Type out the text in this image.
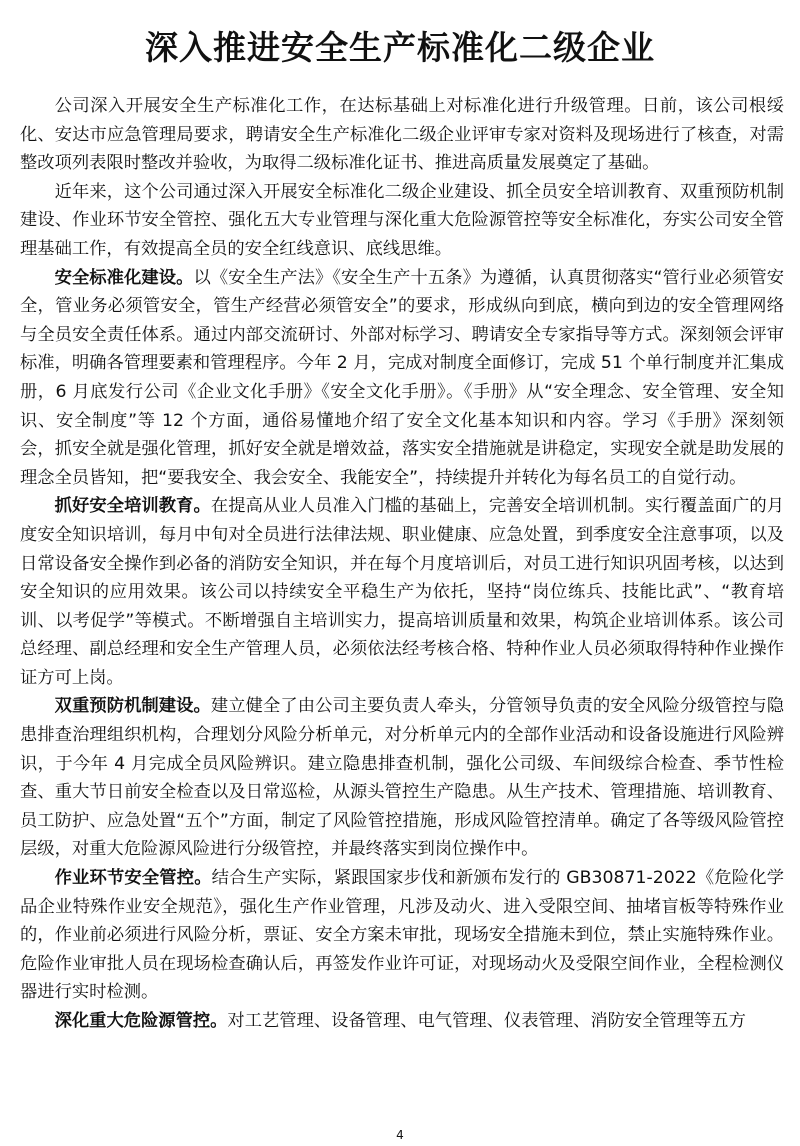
深入推进安全生产标准化二级企业

公司深入开展安全生产标准化工作，在达标基础上对标准化进行升级管理。日前，该公司根绥化、安达市应急管理局要求，聘请安全生产标准化二级企业评审专家对资料及现场进行了核查，对需整改项列表限时整改并验收，为取得二级标准化证书、推进高质量发展奠定了基础。

近年来，这个公司通过深入开展安全标准化二级企业建设、抓全员安全培训教育、双重预防机制建设、作业环节安全管控、强化五大专业管理与深化重大危险源管控等安全标准化，夯实公司安全管理基础工作，有效提高全员的安全红线意识、底线思维。

安全标准化建设。以《安全生产法》《安全生产十五条》为遵循，认真贯彻落实“管行业必须管安全，管业务必须管安全，管生产经营必须管安全”的要求，形成纵向到底，横向到边的安全管理网络与全员安全责任体系。通过内部交流研讨、外部对标学习、聘请安全专家指导等方式。深刻领会评审标准，明确各管理要素和管理程序。今年 2 月，完成对制度全面修订，完成 51 个单行制度并汇集成册，6 月底发行公司《企业文化手册》《安全文化手册》。《手册》从“安全理念、安全管理、安全知识、安全制度”等 12 个方面，通俗易懂地介绍了安全文化基本知识和内容。学习《手册》深刻领会，抓安全就是强化管理，抓好安全就是增效益，落实安全措施就是讲稳定，实现安全就是助发展的理念全员皆知，把“要我安全、我会安全、我能安全”，持续提升并转化为每名员工的自觉行动。

抓好安全培训教育。在提高从业人员准入门槛的基础上，完善安全培训机制。实行覆盖面广的月度安全知识培训，每月中旬对全员进行法律法规、职业健康、应急处置，到季度安全注意事项，以及日常设备安全操作到必备的消防安全知识，并在每个月度培训后，对员工进行知识巩固考核，以达到安全知识的应用效果。该公司以持续安全平稳生产为依托，坚持“岗位练兵、技能比武”、“教育培训、以考促学”等模式。不断增强自主培训实力，提高培训质量和效果，构筑企业培训体系。该公司总经理、副总经理和安全生产管理人员，必须依法经考核合格、特种作业人员必须取得特种作业操作证方可上岗。

双重预防机制建设。建立健全了由公司主要负责人牵头，分管领导负责的安全风险分级管控与隐患排查治理组织机构，合理划分风险分析单元，对分析单元内的全部作业活动和设备设施进行风险辨识，于今年 4 月完成全员风险辨识。建立隐患排查机制，强化公司级、车间级综合检查、季节性检查、重大节日前安全检查以及日常巡检，从源头管控生产隐患。从生产技术、管理措施、培训教育、员工防护、应急处置“五个”方面，制定了风险管控措施，形成风险管控清单。确定了各等级风险管控层级，对重大危险源风险进行分级管控，并最终落实到岗位操作中。

作业环节安全管控。结合生产实际，紧跟国家步伐和新颁布发行的 GB30871-2022《危险化学品企业特殊作业安全规范》，强化生产作业管理，凡涉及动火、进入受限空间、抽堵盲板等特殊作业的，作业前必须进行风险分析，票证、安全方案未审批，现场安全措施未到位，禁止实施特殊作业。危险作业审批人员在现场检查确认后，再签发作业许可证，对现场动火及受限空间作业，全程检测仪器进行实时检测。

深化重大危险源管控。对工艺管理、设备管理、电气管理、仪表管理、消防安全管理等五方

4
